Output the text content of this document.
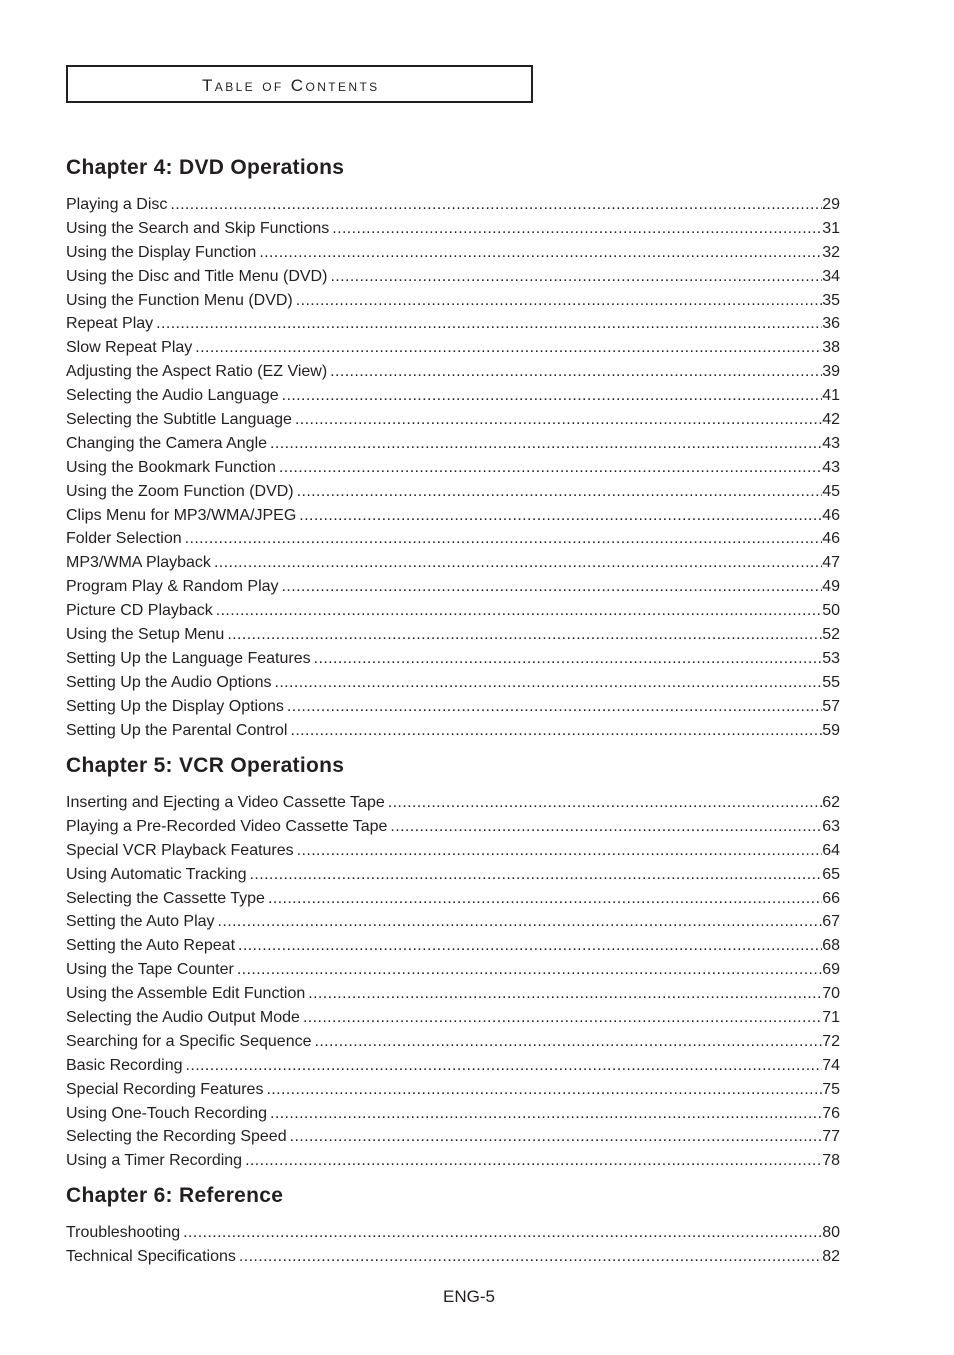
Table of Contents
Chapter 4: DVD Operations
Playing a Disc .....	29
Using the Search and Skip Functions .....	31
Using the Display Function .....	32
Using the Disc and Title Menu (DVD) .....	34
Using the Function Menu (DVD) .....	35
Repeat Play .....	36
Slow Repeat Play .....	38
Adjusting the Aspect Ratio (EZ View) .....	39
Selecting the Audio Language .....	41
Selecting the Subtitle Language .....	42
Changing the Camera Angle .....	43
Using the Bookmark Function .....	43
Using the Zoom Function (DVD) .....	45
Clips Menu for MP3/WMA/JPEG .....	46
Folder Selection .....	46
MP3/WMA Playback .....	47
Program Play & Random Play .....	49
Picture CD Playback .....	50
Using the Setup Menu .....	52
Setting Up the Language Features .....	53
Setting Up the Audio Options .....	55
Setting Up the Display Options .....	57
Setting Up the Parental Control .....	59
Chapter 5: VCR Operations
Inserting and Ejecting a Video Cassette Tape .....	62
Playing a Pre-Recorded Video Cassette Tape .....	63
Special VCR Playback Features .....	64
Using Automatic Tracking .....	65
Selecting the Cassette Type .....	66
Setting the Auto Play .....	67
Setting the Auto Repeat .....	68
Using the Tape Counter .....	69
Using the Assemble Edit Function .....	70
Selecting the Audio Output Mode .....	71
Searching for a Specific Sequence .....	72
Basic Recording .....	74
Special Recording Features .....	75
Using One-Touch Recording .....	76
Selecting the Recording Speed .....	77
Using a Timer Recording .....	78
Chapter 6: Reference
Troubleshooting .....	80
Technical Specifications .....	82
ENG-5
